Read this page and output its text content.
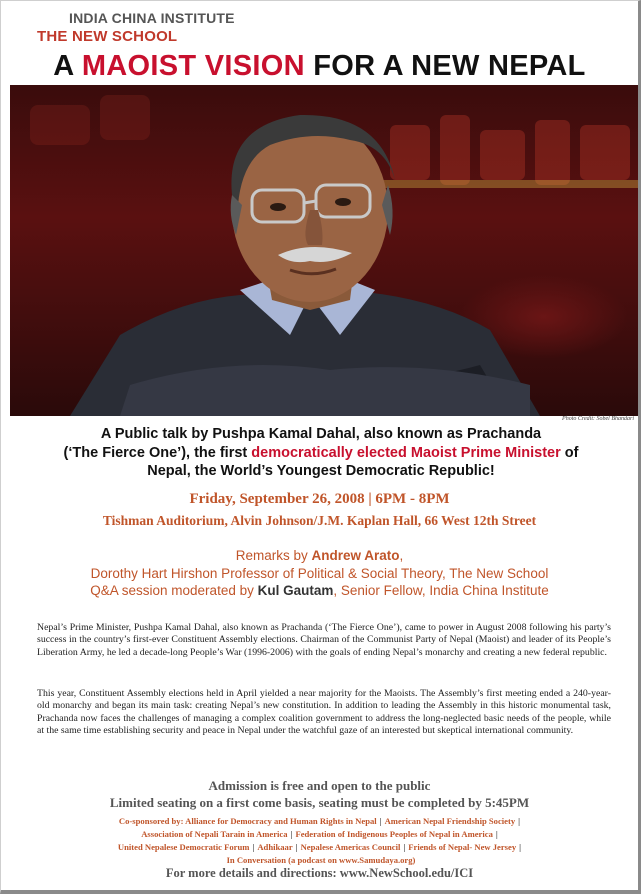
INDIA CHINA INSTITUTE
THE NEW SCHOOL
A MAOIST VISION FOR A NEW NEPAL
Photo Credit: Sobel Bhandari
A Public talk by Pushpa Kamal Dahal, also known as Prachanda
(‘The Fierce One’), the first democratically elected Maoist Prime Minister of
Nepal, the World’s Youngest Democratic Republic!
Friday, September 26, 2008 | 6PM - 8PM
Tishman Auditorium, Alvin Johnson/J.M. Kaplan Hall, 66 West 12th Street
Remarks by Andrew Arato,
Dorothy Hart Hirshon Professor of Political & Social Theory, The New School
Q&A session moderated by Kul Gautam, Senior Fellow, India China Institute
Nepal’s Prime Minister, Pushpa Kamal Dahal, also known as Prachanda (‘The Fierce One’), came to power in August 2008 following his party’s success in the country’s first-ever Constituent Assembly elections. Chairman of the Communist Party of Nepal (Maoist) and leader of its People’s Liberation Army, he led a decade-long People’s War (1996-2006) with the goals of ending Nepal’s monarchy and creating a new federal republic.
This year, Constituent Assembly elections held in April yielded a near majority for the Maoists. The Assembly’s first meeting ended a 240-year-old monarchy and began its main task: creating Nepal’s new constitution. In addition to leading the Assembly in this historic monumental task, Prachanda now faces the challenges of managing a complex coalition government to address the long-neglected basic needs of the people, while at the same time establishing security and peace in Nepal under the watchful gaze of an interested but skeptical international community.
Admission is free and open to the public
Limited seating on a first come basis, seating must be completed by 5:45PM
Co-sponsored by: Alliance for Democracy and Human Rights in Nepal | American Nepal Friendship Society |
Association of Nepali Tarain in America | Federation of Indigenous Peoples of Nepal in America |
United Nepalese Democratic Forum | Adhikaar | Nepalese Americas Council | Friends of Nepal- New Jersey |
In Conversation (a podcast on www.Samudaya.org)
For more details and directions: www.NewSchool.edu/ICI
